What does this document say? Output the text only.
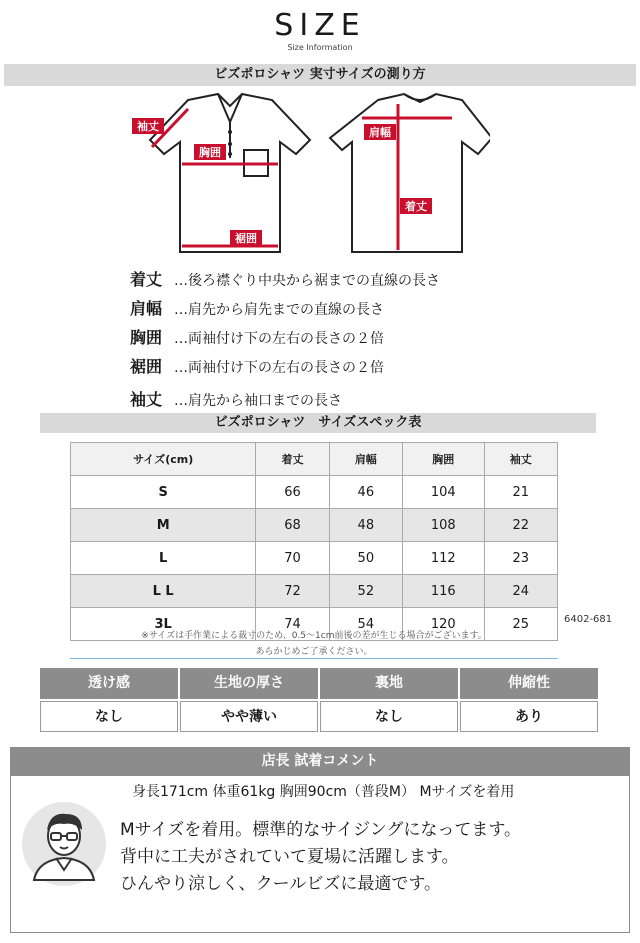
SIZE
Size Information
ビズポロシャツ 実寸サイズの測り方
袖丈
胸囲
裾囲
肩幅
着丈
着丈 …後ろ襟ぐり中央から裾までの直線の長さ
肩幅 …肩先から肩先までの直線の長さ
胸囲 …両袖付け下の左右の長さの２倍
裾囲 …両袖付け下の左右の長さの２倍
袖丈 …肩先から袖口までの長さ
ビズポロシャツ　サイズスペック表
サイズ(cm)	着丈	肩幅	胸囲	袖丈
S	66	46	104	21
M	68	48	108	22
L	70	50	112	23
L L	72	52	116	24
3L	74	54	120	25	6402-681
※サイズは手作業による裁寸のため、0.5～1cm前後の差が生じる場合がございます。
あらかじめご了承ください。
透け感	生地の厚さ	裏地	伸縮性
なし	やや薄い	なし	あり
店長 試着コメント
身長171cm 体重61kg 胸囲90cm（普段M） Mサイズを着用
Mサイズを着用。標準的なサイジングになってます。
背中に工夫がされていて夏場に活躍します。
ひんやり涼しく、クールビズに最適です。
